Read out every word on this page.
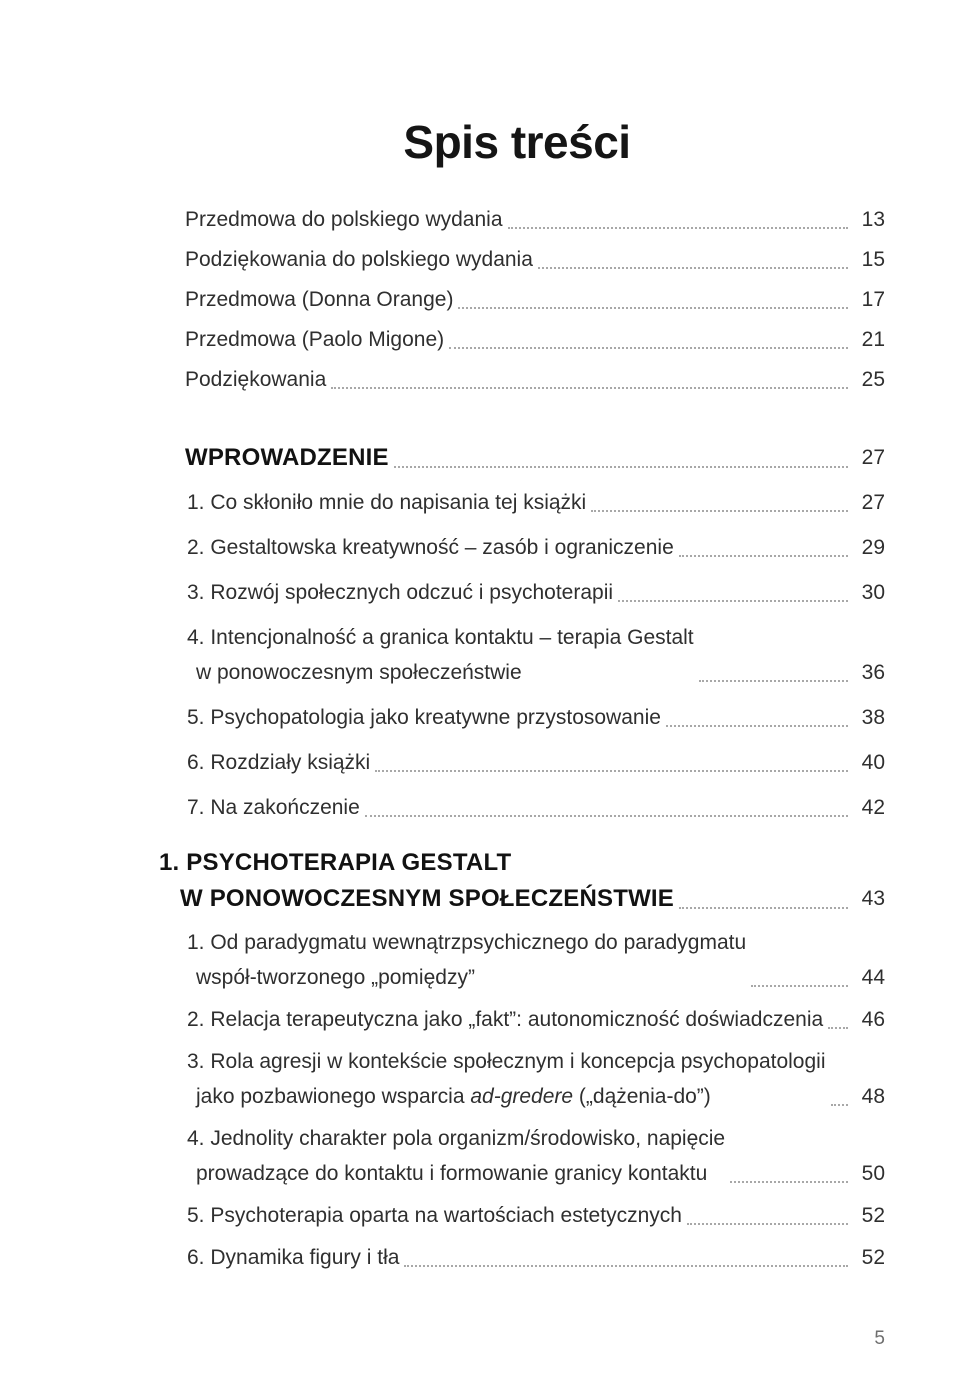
Spis treści
Przedmowa do polskiego wydania	13
Podziękowania do polskiego wydania	15
Przedmowa (Donna Orange)	17
Przedmowa (Paolo Migone)	21
Podziękowania	25
WPROWADZENIE	27
1. Co skłoniło mnie do napisania tej książki	27
2. Gestaltowska kreatywność – zasób i ograniczenie	29
3. Rozwój społecznych odczuć i psychoterapii	30
4. Intencjonalność a granica kontaktu – terapia Gestalt
w ponowoczesnym społeczeństwie	36
5. Psychopatologia jako kreatywne przystosowanie	38
6. Rozdziały książki	40
7. Na zakończenie	42
1. PSYCHOTERAPIA GESTALT
W PONOWOCZESNYM SPOŁECZEŃSTWIE	43
1. Od paradygmatu wewnątrzpsychicznego do paradygmatu
współ-tworzonego „pomiędzy”	44
2. Relacja terapeutyczna jako „fakt”: autonomiczność doświadczenia	46
3. Rola agresji w kontekście społecznym i koncepcja psychopatologii
jako pozbawionego wsparcia ad-gredere („dążenia-do”)	48
4. Jednolity charakter pola organizm/środowisko, napięcie
prowadzące do kontaktu i formowanie granicy kontaktu	50
5. Psychoterapia oparta na wartościach estetycznych	52
6. Dynamika figury i tła	52
5
